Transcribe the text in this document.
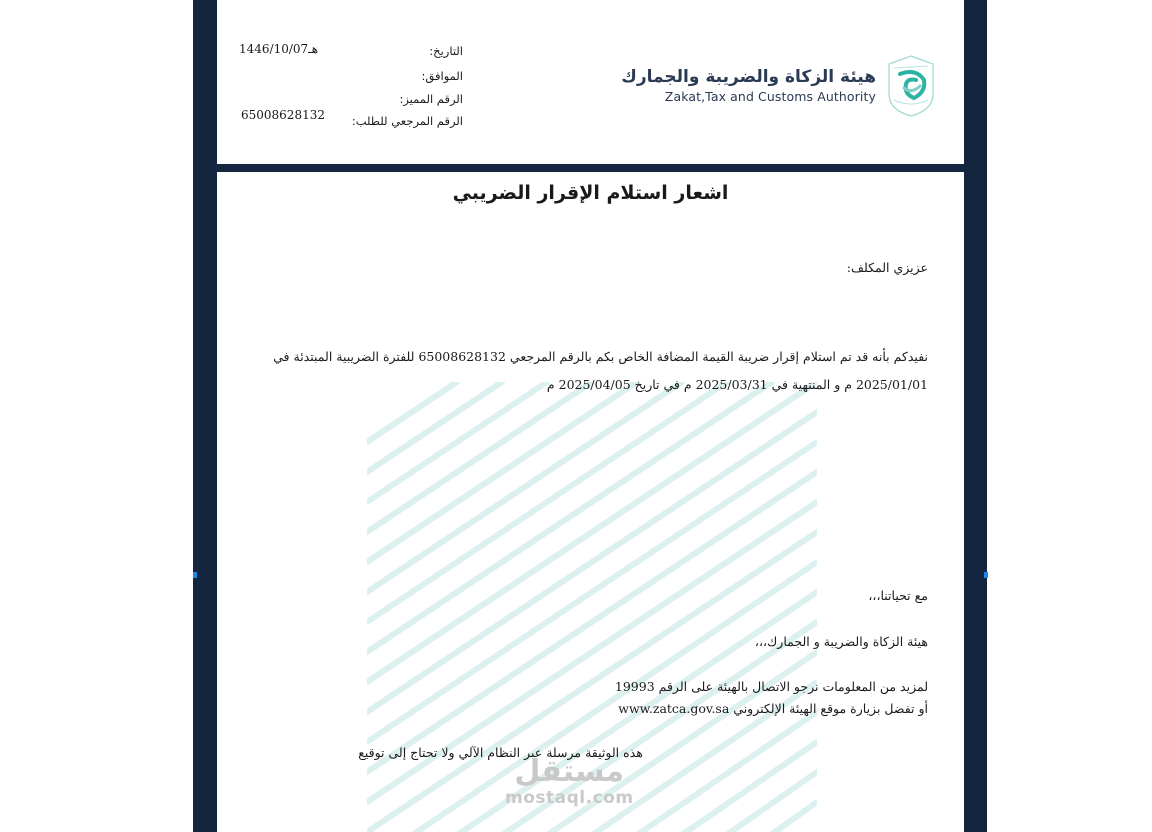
هيئة الزكاة والضريبة والجمارك
Zakat,Tax and Customs Authority
التاريخ:
1446/10/07هـ
الموافق:
الرقم المميز:
الرقم المرجعي للطلب:
65008628132
اشعار استلام الإقرار الضريبي
عزيزي المكلف:
نفيدكم بأنه قد تم استلام إقرار ضريبة القيمة المضافة الخاص بكم بالرقم المرجعي 65008628132 للفترة الضريبية المبتدئة في
2025/01/01 م و المنتهية في 2025/03/31 م في تاريخ 2025/04/05 م
مع تحياتنا،،،
هيئة الزكاة والضريبة و الجمارك،،،
لمزيد من المعلومات نرجو الاتصال بالهيئة على الرقم 19993
أو تفضل بزيارة موقع الهيئة الإلكتروني www.zatca.gov.sa
هذه الوثيقة مرسلة عبر النظام الآلي ولا تحتاج إلى توقيع
مستقل
mostaql.com
